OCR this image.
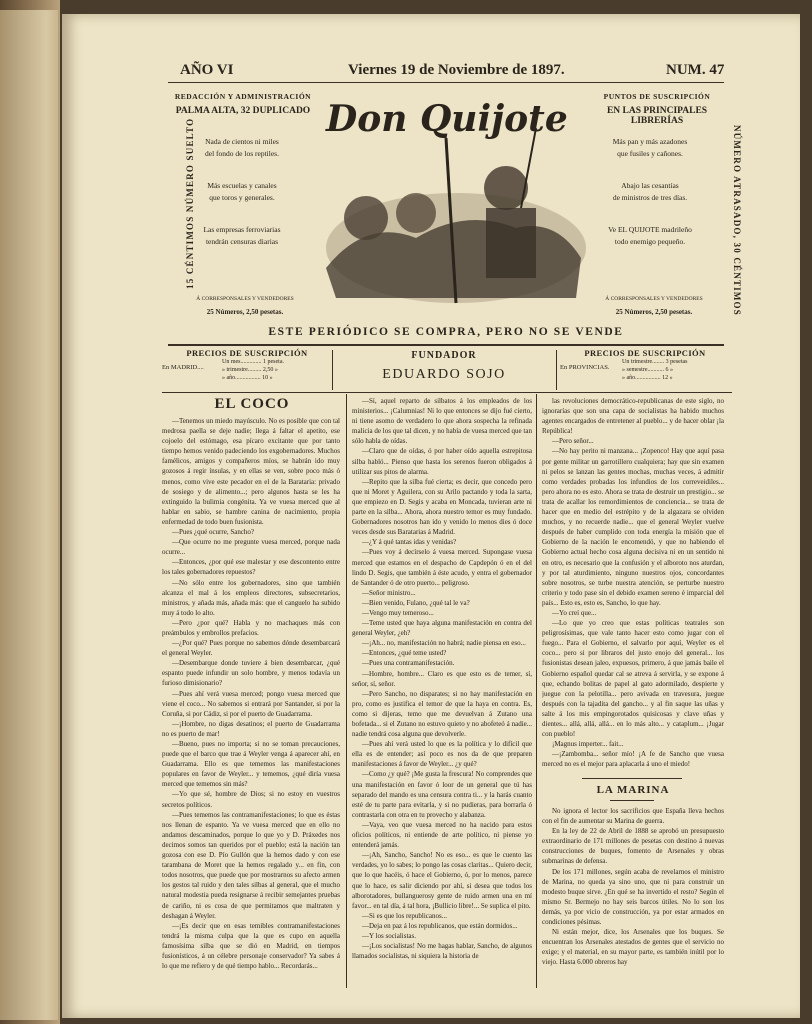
AÑO VI	Viernes 19 de Noviembre de 1897.	NUM. 47
REDACCIÓN Y ADMINISTRACIÓN
PALMA ALTA, 32 DUPLICADO
15 CÉNTIMOS NÚMERO SUELTO	Nada de cientos ni miles
del fondo de los reptiles.
Más escuelas y canales
que toros y generales.
Las empresas ferroviarias
tendrán censuras diarias
Á CORRESPONSALES Y VENDEDORES
25 Números, 2,50 pesetas.
Don Quijote
PUNTOS DE SUSCRIPCIÓN
EN LAS PRINCIPALES LIBRERÍAS
NÚMERO ATRASADO, 30 CÉNTIMOS
Más pan y más azadones
que fusiles y cañones.
Abajo las cesantías
de ministros de tres días.
Ve EL QUIJOTE madrileño
todo enemigo pequeño.
Á CORRESPONSALES Y VENDEDORES
25 Números, 2,50 pesetas.
ESTE PERIÓDICO SE COMPRA, PERO NO SE VENDE
PRECIOS DE SUSCRIPCIÓN
En MADRID....
Un mes.............. 1 peseta.
» trimestre......... 2,50 »
» año................. 10 »
FUNDADOR
EDUARDO SOJO
PRECIOS DE SUSCRIPCIÓN
En PROVINCIAS.
Un trimestre........ 3 pesetas
» semestre........... 6 »
» año................. 12 »
EL COCO

—Tenemos un miedo mayúsculo. No es posible que con tal medrosa paella se deje nadie; llega á faltar el apetito, ese cojoelo del estómago, esa pícaro excitante que por tanto tiempo hemos venido padeciendo los exgobernadores. Muchos famélicos, amigos y compañeros míos, se habrán ido muy gozosos á regir ínsulas, y en ellas se ven, sobre poco más ó menos, como vive este pecador en el de la Barataria: privado de sosiego y de alimento...; pero algunos hasta se les ha extinguido la bulimia congénita. Ya ve vuesa merced que al hablar en sabio, se hambre canina de nacimiento, propia enfermedad de todo buen fusionista.

—Pues ¿qué ocurre, Sancho?

—Que ocurre no me pregunte vuesa merced, porque nada ocurre...

—Entonces, ¿por qué ese malestar y ese descontento entre los tales gobernadores repuestos?

—No sólo entre los gobernadores, sino que también alcanza el mal á los empleos directores, subsecretarios, ministros, y añada más, añada más: que el canguelo ha subido muy á todo lo alto.

—Pero ¿por qué? Habla y no machaques más con preámbulos y embrollos prefacios.

—¿Por qué? Pues porque no sabemos dónde desembarcará el general Weyler.

—Desembarque donde tuviere á bien desembarcar, ¿qué espanto puede infundir un solo hombre, y menos todavía un furioso dimisionario?

—Pues ahí verá vuesa merced; pongo vuesa merced que viene el coco... No sabemos si entrará por Santander, si por la Coruña, si por Cádiz, si por el puerto de Guadarrama.

—¡Hombre, no digas desatinos; el puerto de Guadarrama no es puerto de mar!

—Bueno, pues no importa; si no se toman precauciones, puede que el barco que trae á Weyler venga á aparecer ahí, en Guadarrama. Ello es que tememos las manifestaciones populares en favor de Weyler... y tememos, ¿qué diría vuesa merced que tememos sin más?

—Yo que sé, hombre de Dios; si no estoy en vuestros secretos políticos.

—Pues tememos las contramanifestaciones; lo que es éstas nos llenan de espanto. Ya ve vuesa merced que en ello no andamos descaminados, porque lo que yo y D. Práxedes nos decimos somos tan queridos por el pueblo; está la nación tan gozosa con ese D. Pío Gullón que la hemos dado y con ese tarambana de Moret que la hemos regalado y... en fin, con todos nosotros, que puede que por mostrarnos su afecto armen los gestos tal ruido y den tales silbas al general, que el mucho natural modestia pueda resignarse á recibir semejantes pruebas de cariño, ni es cosa de que permitamos que maltraten y deshagan á Weyler.

—¡Es decir que en esas temibles contramanifestaciones tendrá la misma culpa que la que es cupo en aquella famosísima silba que se dió en Madrid, en tiempos fusionísticos, á un célebre personaje conservador? Ya sabes á lo que me refiero y de qué tiempo hablo... Recordarás...

—Sí, aquel reparto de silbatos á los empleados de los ministerios... ¡Calumnias! Ni lo que entonces se dijo fué cierto, ni tiene asomo de verdadero lo que ahora sospecha la refinada malicia de los que tal dicen, y no había de vuesa merced que tan sólo habla de oídas.

—Claro que de oídas, ó por haber oído aquella estrepitosa silba habló... Pienso que hasta los serenos fueron obligados á utilizar sus pitos de alarma.

—Repito que la silba fué cierta; es decir, que concedo pero que ni Moret y Aguilera, con su Arilo pactando y toda la sarta, que empiezo en D. Segis y acaba en Moncada, tuvieran arte ni parte en la silba... Ahora, ahora nuestro temor es muy fundado. Gobernadores nosotros han ido y venido lo menos dies ó doce veces desde sus Baratarias á Madrid.

—¿Y á qué tantas idas y venidas?

—Pues voy á decírselo á vuesa merced. Supongase vuesa merced que estamos en el despacho de Capdepón ó en el del lindo D. Segis, que también á éste acudo, y entra el gobernador de Santander ó de otro puerto... peligroso.

—Señor ministro...

—Bien venido, Fulano, ¿qué tal le va?

—Vengo muy temeroso...

—Teme usted que haya alguna manifestación en contra del general Weyler, ¿eh?

—¡Ah... no, manifestación no habrá; nadie piensa en eso...

—Entonces, ¿qué teme usted?

—Pues una contramanifestación.

—Hombre, hombre... Claro es que esto es de temer, sí, señor, sí, señor.

—Pero Sancho, no disparates; si no hay manifestación en pro, como es justifica el temor de que la haya en contra. Es, como si dijeras, temo que me devuelvan á Zutano una bofetada... si el Zutano no estuvo quieto y no abofeteó á nadie... nadie tendrá cosa alguna que devolverle.

—Pues ahí verá usted lo que es la política y lo difícil que ella es de entender; así poco es nos da de que preparen manifestaciones á favor de Weyler... ¿y qué?

—Como ¿y qué? ¡Me gusta la frescura! No comprendes que una manifestación en favor ó loor de un general que tú has separado del mando es una censura contra ti... y la harás cuanto esté de tu parte para evitarla, y si no pudieras, para borrarla ó contrastarla con otra en tu provecho y alabanza.

—Vaya, veo que vuesa merced no ha nacido para estos oficios políticos, ni entiende de arte político, ni piense yo entenderá jamás.

—¡Ah, Sancho, Sancho! No es eso... es que le cuento las verdades, yo lo sabes; lo pongo las cosas claritas... Quiero decir, que lo que hacéis, ó hace el Gobierno, ó, por lo menos, parece que lo hace, es salir diciendo por ahí, si desea que todos los alborotadores, bullanguerosy gente de ruido armen una en mí favor... en tal día, á tal hora, ¡Bullicio libre!... Se suplica el pito.

—Si es que los republicanos...

—Deja en paz á los republicanos, que están dormidos...

—Y los socialistas.

—¡Los socialistas! No me hagas hablar, Sancho, de algunos llamados socialistas, ni siquiera la historia de

las revoluciones democrático-republicanas de este siglo, no ignorarías que son una capa de socialistas ha habido muchos agentes encargados de entretener al pueblo... y de hacer oblar ¡la República!

—Pero señor...

—No hay perito ni manzana... ¡Zopenco! Hay que aquí pasa por gente militar un garrotillero cualquiera; hay que sin examen ni pelos se lanzan las gentes mochas, muchas veces, á admitir como verdades probadas los infundios de los correveidiles... pero ahora no es esto. Ahora se trata de destruir un prestigio... se trata de acallar los remordimientos de conciencia... se trata de hacer que en medio del estrépito y de la algazara se olviden muchos, y no recuerde nadie... que el general Weyler vuelve después de haber cumplido con toda energía la misión que el Gobierno de la nación le encomendó, y que no habiendo el Gobierno actual hecho cosa alguna decisiva ni en un sentido ni en otro, es necesario que la confusión y el alboroto nos aturdan, y por tal aturdimiento, ninguno nuestros ojos, concordantes sobre nosotros, se turbe nuestra atención, se perturbe nuestro criterio y todo pase sin el debido examen sereno é imparcial del país... Esto es, esto es, Sancho, lo que hay.

—Yo creí que...

—Lo que yo creo que estas políticas teatrales son peligrosísimas, que vale tanto hacer esto como jugar con el fuego... Para el Gobierno, el salvarlo por aquí, Weyler es el coco... pero si por libraros del justo enojo del general... los fusionistas desean jaleo, expuesos, primero, á que jamás baile el Gobierno español quedar cal se atreva á servirla, y se expone á que, echando bolitas de papel al gato adormilado, despierte y juegue con la pelotilla... pero avivada en travesura, juegue después con la tajadita del gancho... y al fin saque las uñas y salte á los mis empingorotados quisicosas y clave uñas y dientes... allá, allá, allá... en lo más alto... y cataplum... ¡Jugar con pueblo!

¡Magnus imperter... fait...

—¡Zambomba... señor mío! ¡A fe de Sancho que vuesa merced no es el mejor para aplacarla á uno el miedo!

LA MARINA

No ignora el lector los sacrificios que España lleva hechos con el fin de aumentar su Marina de guerra.

En la ley de 22 de Abril de 1888 se aprobó un presupuesto extraordinario de 171 millones de pesetas con destino á nuevas construcciones de buques, fomento de Arsenales y obras submarinas de defensa.

De los 171 millones, según acaba de revelarnos el ministro de Marina, no queda ya sino uno, que ni para construir un modesto buque sirve. ¿En qué se ha invertido el resto? Según el mismo Sr. Bermejo no hay seis barcos útiles. No lo son los demás, ya por vicio de construcción, ya por estar armados en condiciones pésimas.

Ni están mejor, dice, los Arsenales que los buques. Se encuentran los Arsenales atestados de gentes que el servicio no exige; y el material, en su mayor parte, es también inútil por lo viejo. Hasta 6.000 obreros hay
